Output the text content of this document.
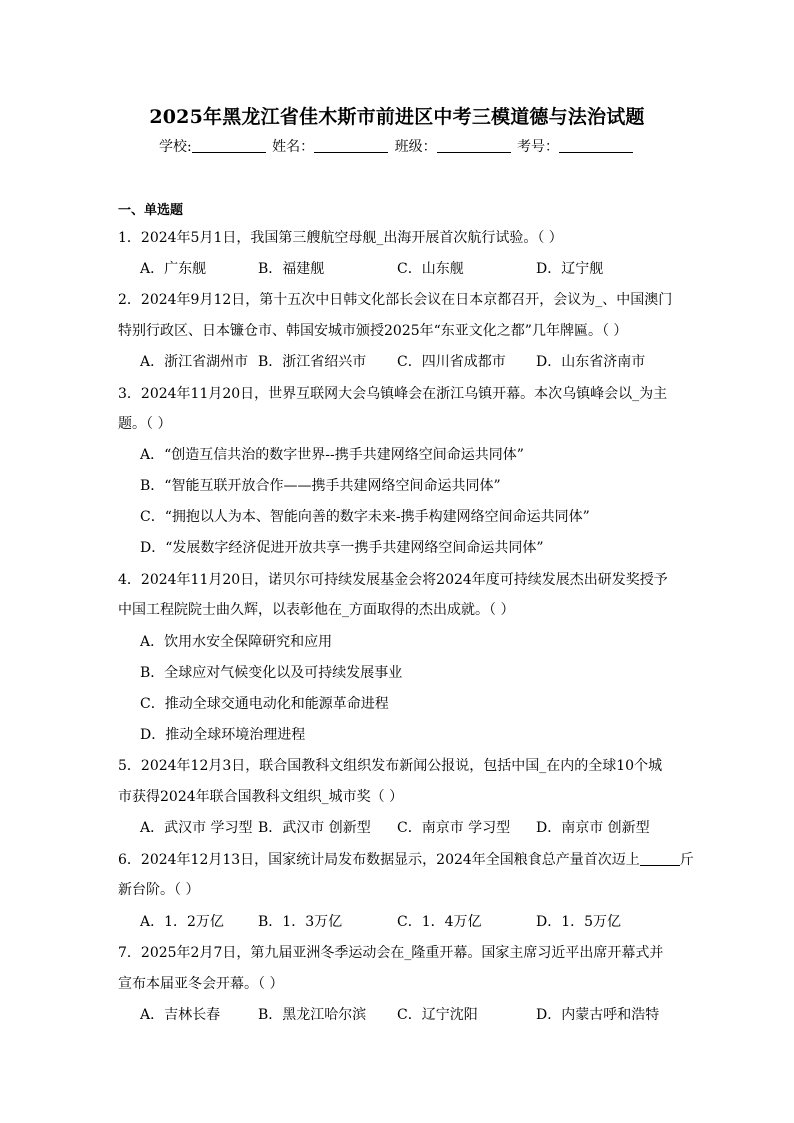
2025年黑龙江省佳木斯市前进区中考三模道德与法治试题
学校:	姓名：	班级：	考号：
一、单选题
1．2024年5月1日，我国第三艘航空母舰_出海开展首次航行试验。（ ）
A．广东舰	B．福建舰	C．山东舰	D．辽宁舰
2．2024年9月12日，第十五次中日韩文化部长会议在日本京都召开，会议为_、中国澳门
特别行政区、日本镰仓市、韩国安城市颁授2025年“东亚文化之都”几年牌匾。（ ）
A．浙江省湖州市 B．浙江省绍兴市 C．四川省成都市 D．山东省济南市
3．2024年11月20日，世界互联网大会乌镇峰会在浙江乌镇开幕。本次乌镇峰会以_为主
题。（ ）
A．“创造互信共治的数字世界--携手共建网络空间命运共同体”
B．“智能互联开放合作——携手共建网络空间命运共同体”
C．“拥抱以人为本、智能向善的数字未来-携手构建网络空间命运共同体”
D．“发展数字经济促进开放共享一携手共建网络空间命运共同体”
4．2024年11月20日，诺贝尔可持续发展基金会将2024年度可持续发展杰出研发奖授予
中国工程院院士曲久辉，以表彰他在_方面取得的杰出成就。（ ）
A．饮用水安全保障研究和应用
B．全球应对气候变化以及可持续发展事业
C．推动全球交通电动化和能源革命进程
D．推动全球环境治理进程
5．2024年12月3日，联合国教科文组织发布新闻公报说，包括中国_在内的全球10个城
市获得2024年联合国教科文组织_城市奖（ ）
A．武汉市 学习型 B．武汉市 创新型 C．南京市 学习型 D．南京市 创新型
6．2024年12月13日，国家统计局发布数据显示，2024年全国粮食总产量首次迈上	斤
新台阶。（ ）
A．1．2万亿 B．1．3万亿	C．1．4万亿	D．1．5万亿
7．2025年2月7日，第九届亚洲冬季运动会在_隆重开幕。国家主席习近平出席开幕式并
宣布本届亚冬会开幕。（ ）
A．吉林长春	B．黑龙江哈尔滨 C．辽宁沈阳	D．内蒙古呼和浩特
